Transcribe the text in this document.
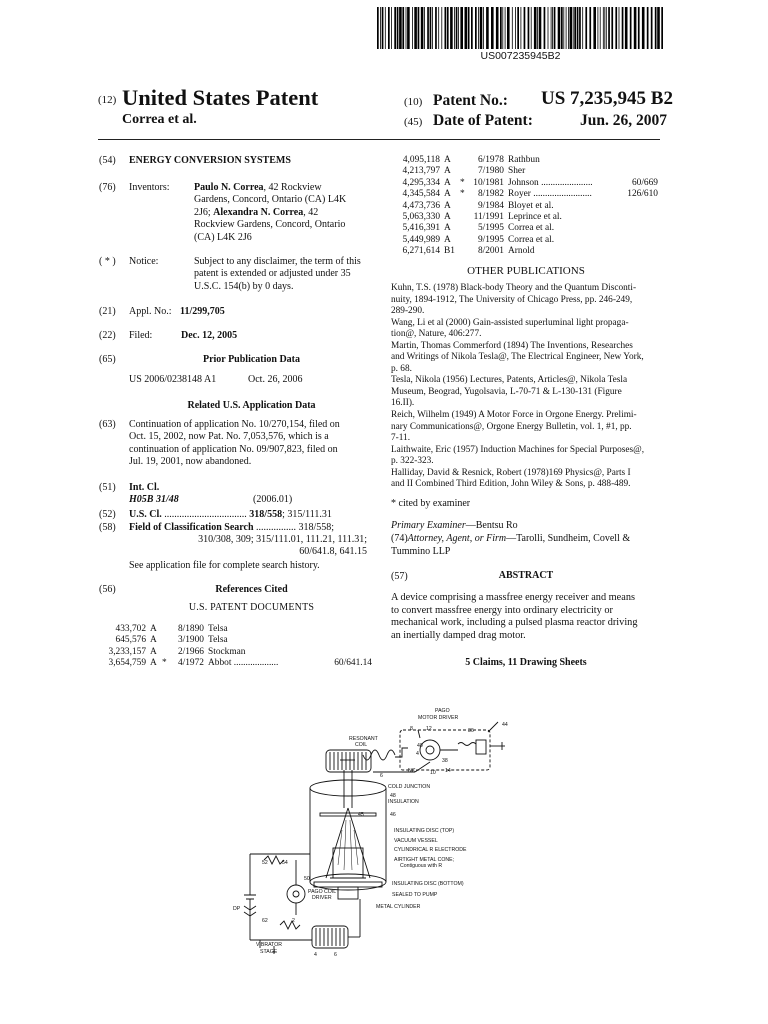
US007235945B2
(12) United States Patent
Correa et al.
(10) Patent No.: US 7,235,945 B2
(45) Date of Patent:	Jun. 26, 2007
(54) ENERGY CONVERSION SYSTEMS
(76) Inventors: Paulo N. Correa, 42 Rockview
Gardens, Concord, Ontario (CA) L4K
2J6; Alexandra N. Correa, 42
Rockview Gardens, Concord, Ontario
(CA) L4K 2J6
( * ) Notice:	Subject to any disclaimer, the term of this
patent is extended or adjusted under 35
U.S.C. 154(b) by 0 days.
(21) Appl. No.: 11/299,705
(22) Filed:	Dec. 12, 2005
(65)	Prior Publication Data
US 2006/0238148 A1	Oct. 26, 2006
Related U.S. Application Data
(63) Continuation of application No. 10/270,154, filed on
Oct. 15, 2002, now Pat. No. 7,053,576, which is a
continuation of application No. 09/907,823, filed on
Jul. 19, 2001, now abandoned.
(51) Int. Cl.
H05B 31/48	(2006.01)
(52) U.S. Cl. ................................. 318/558; 315/111.31
(58) Field of Classification Search ................ 318/558;
310/308, 309; 315/111.01, 111.21, 111.31;
60/641.8, 641.15
See application file for complete search history.
(56)	References Cited
U.S. PATENT DOCUMENTS
433,702 A	8/1890 Telsa
645,576 A	3/1900 Telsa
3,233,157 A	2/1966 Stockman
3,654,759 A *	4/1972 Abbot ...................	60/641.14
4,095,118 A	6/1978 Rathbun
4,213,797 A	7/1980 Sher
4,295,334 A * 10/1981 Johnson ......................	60/669
4,345,584 A *	8/1982 Royer .........................	126/610
4,473,736 A	9/1984 Bloyet et al.
5,063,330 A	11/1991 Leprince et al.
5,416,391 A	5/1995 Correa et al.
5,449,989 A	9/1995 Correa et al.
6,271,614 B1	8/2001 Arnold
OTHER PUBLICATIONS
Kuhn, T.S. (1978) Black-body Theory and the Quantum Disconti-
nuity, 1894-1912, The University of Chicago Press, pp. 246-249,
289-290.
Wang, Li et al (2000) Gain-assisted superluminal light propaga-
tion@, Nature, 406:277.
Martin, Thomas Commerford (1894) The Inventions, Researches
and Writings of Nikola Tesla@, The Electrical Engineer, New York,
p. 68.
Tesla, Nikola (1956) Lectures, Patents, Articles@, Nikola Tesla
Museum, Beograd, Yugolsavia, L-70-71 & L-130-131 (Figure
16.II).
Reich, Wilhelm (1949) A Motor Force in Orgone Energy. Prelimi-
nary Communications@, Orgone Energy Bulletin, vol. 1, #1, pp.
7-11.
Laithwaite, Eric (1957) Induction Machines for Special Purposes@,
p. 322-323.
Halliday, David & Resnick, Robert (1978)169 Physics@, Parts I
and II Combined Third Edition, John Wiley & Sons, p. 488-489.
* cited by examiner
Primary Examiner—Bentsu Ro
(74)Attorney, Agent, or Firm—Tarolli, Sundheim, Covell &
Tummino LLP
(57)	ABSTRACT
A device comprising a massfree energy receiver and means
to convert massfree energy into ordinary electricity or
mechanical work, including a pulsed plasma reactor driving
an inertially damped drag motor.
5 Claims, 11 Drawing Sheets
PAGO
MOTOR DRIVER
RESONANT
COIL
NC
COLD JUNCTION
INSULATION
INSULATING DISC (TOP)
VACUUM VESSEL
CYLINDRICAL R ELECTRODE
AIRTIGHT METAL CONE;
Contiguous with R
INSULATING DISC (BOTTOM)
SEALED TO PUMP
METAL CYLINDER
PAGO COIL
DRIVER
DP
VIBRATOR
STAGE
44
12	36
8
4
40
38
10 14
6
48
45	46
52	54
50
62	2
4	6
